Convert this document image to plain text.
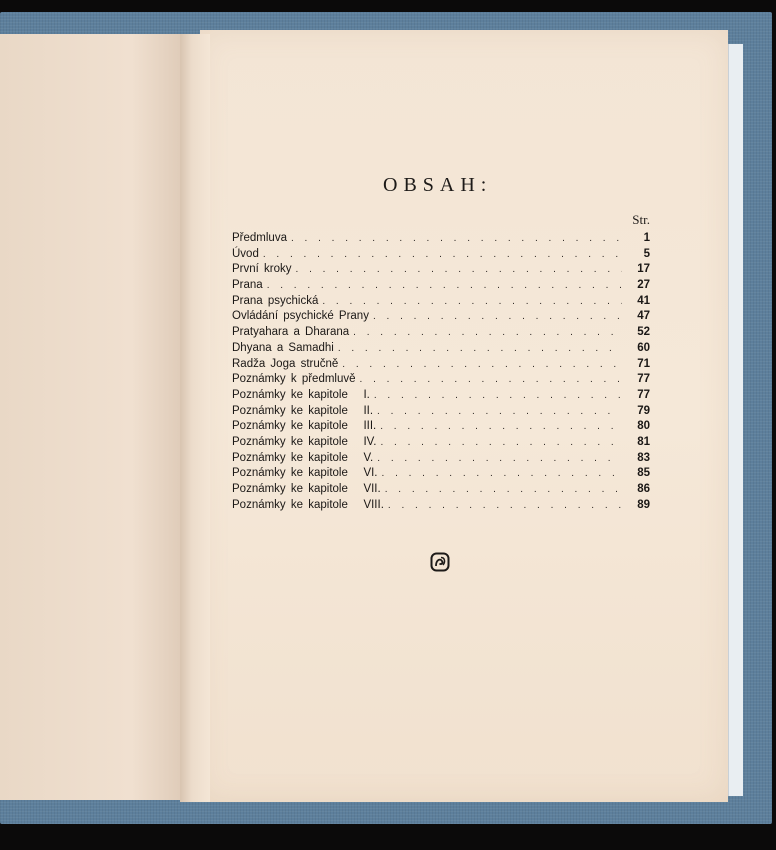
OBSAH:
Str.
Předmluva . . .	1
Úvod . . .	5
První kroky . . .	17
Prana . . .	27
Prana psychická . . .	41
Ovládání psychické Prany . . .	47
Pratyahara a Dharana . . .	52
Dhyana a Samadhi . . .	60
Radža Joga stručně . . .	71
Poznámky k předmluvě . . .	77
Poznámky ke kapitole   I. . . .	77
Poznámky ke kapitole   II. . . .	79
Poznámky ke kapitole   III. . . .	80
Poznámky ke kapitole   IV. . . .	81
Poznámky ke kapitole   V. . . .	83
Poznámky ke kapitole   VI. . . .	85
Poznámky ke kapitole   VII. . . .	86
Poznámky ke kapitole   VIII. . . .	89
